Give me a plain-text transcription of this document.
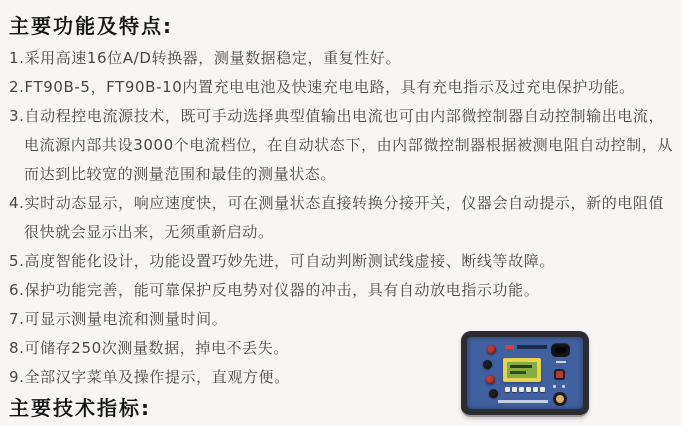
主要功能及特点:

1.采用高速16位A/D转换器，测量数据稳定，重复性好。

2.FT90B-5，FT90B-10内置充电电池及快速充电电路，具有充电指示及过充电保护功能。

3.自动程控电流源技术，既可手动选择典型值输出电流也可由内部微控制器自动控制输出电流，电流源内部共设3000个电流档位，在自动状态下，由内部微控制器根据被测电阻自动控制，从而达到比较宽的测量范围和最佳的测量状态。

4.实时动态显示，响应速度快，可在测量状态直接转换分接开关，仪器会自动提示，新的电阻值很快就会显示出来，无须重新启动。

5.高度智能化设计，功能设置巧妙先进，可自动判断测试线虚接、断线等故障。

6.保护功能完善，能可靠保护反电势对仪器的冲击，具有自动放电指示功能。

7.可显示测量电流和测量时间。

8.可储存250次测量数据，掉电不丢失。

9.全部汉字菜单及操作提示，直观方便。

主要技术指标:
